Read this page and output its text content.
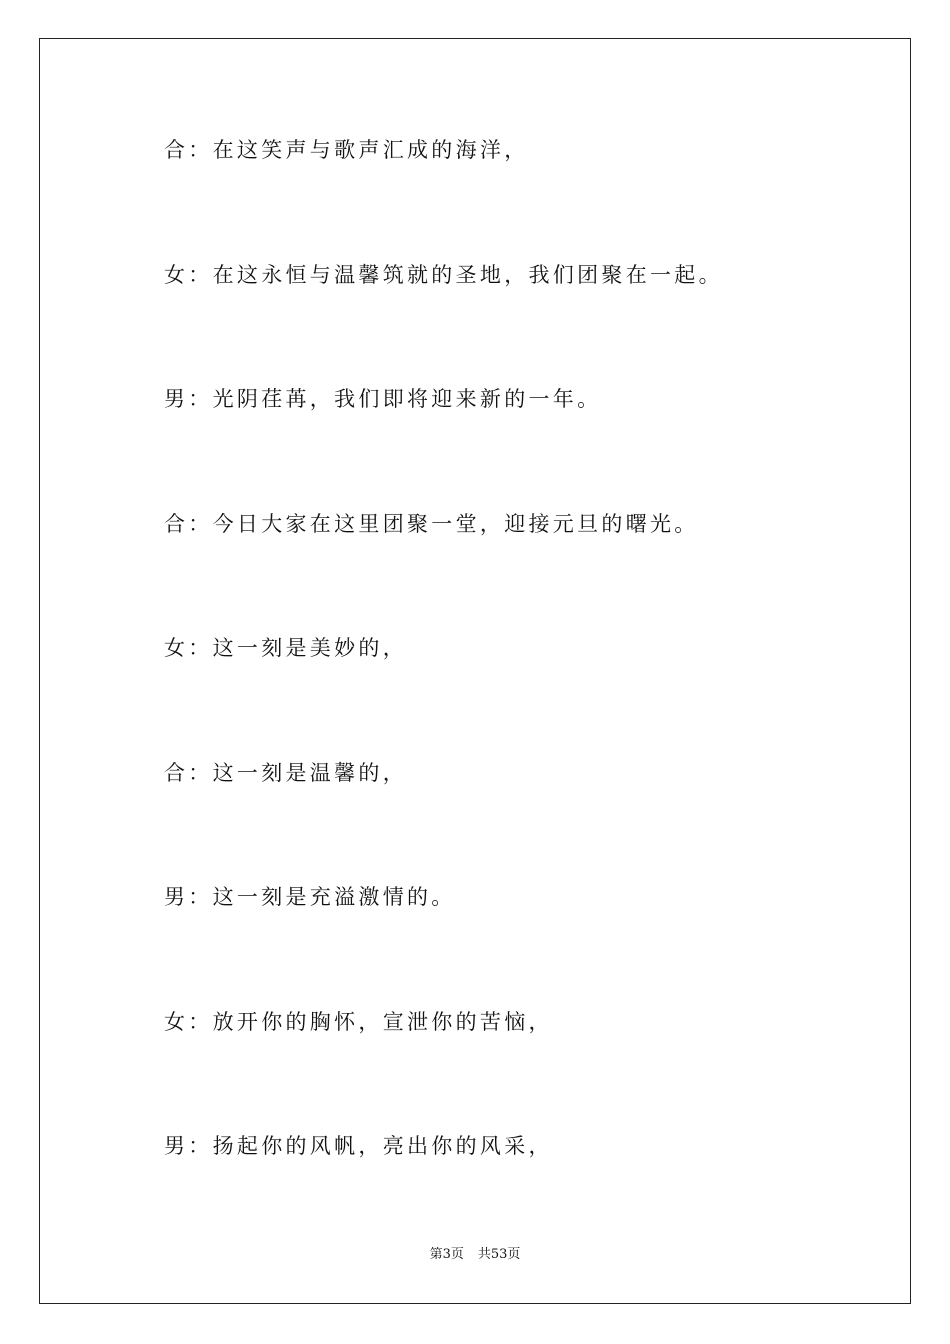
合：在这笑声与歌声汇成的海洋，
女：在这永恒与温馨筑就的圣地，我们团聚在一起。
男：光阴荏苒，我们即将迎来新的一年。
合：今日大家在这里团聚一堂，迎接元旦的曙光。
女：这一刻是美妙的，
合：这一刻是温馨的，
男：这一刻是充溢激情的。
女：放开你的胸怀，宣泄你的苦恼，
男：扬起你的风帆，亮出你的风采，
第3页 共53页
